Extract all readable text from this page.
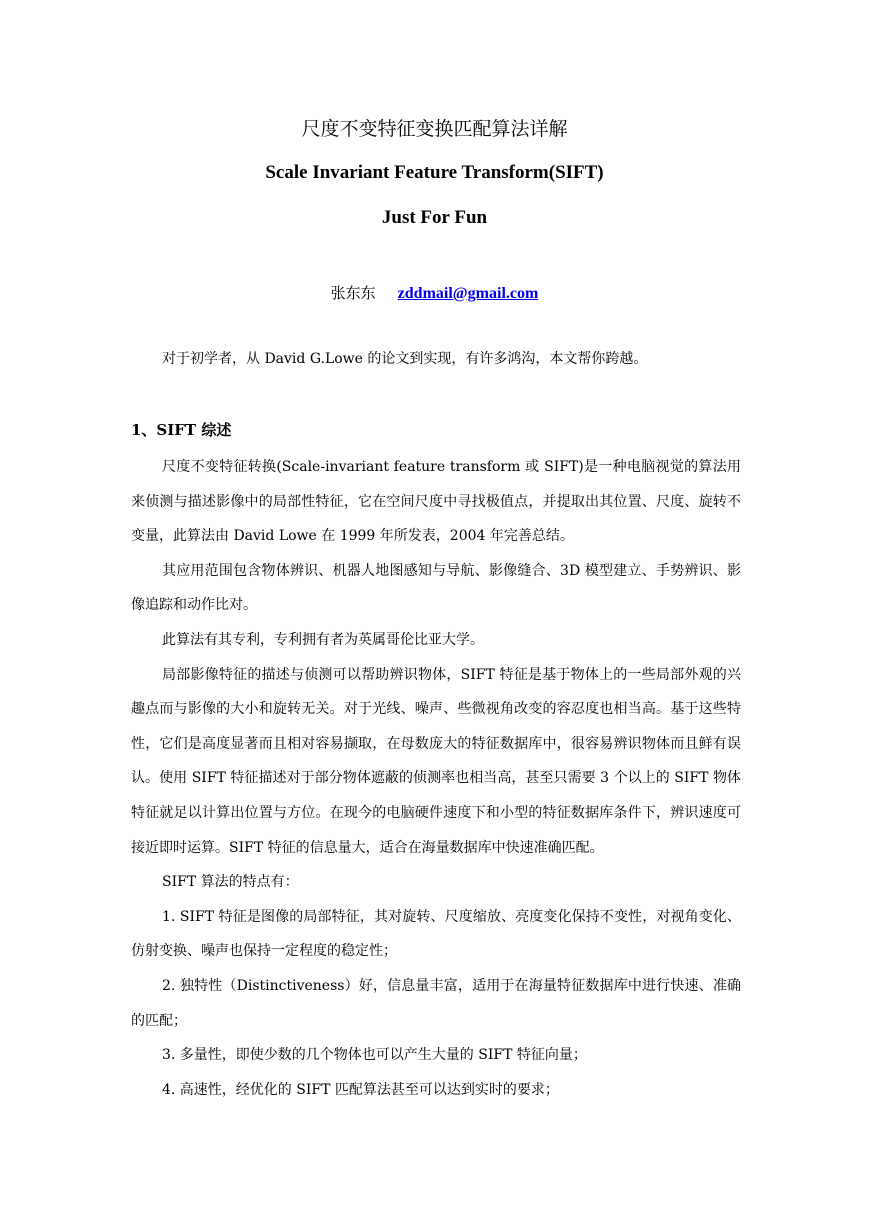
尺度不变特征变换匹配算法详解
Scale Invariant Feature Transform(SIFT)
Just For Fun
张东东 zddmail@gmail.com
对于初学者，从 David G.Lowe 的论文到实现，有许多鸿沟，本文帮你跨越。
1、SIFT 综述

尺度不变特征转换(Scale-invariant feature transform 或 SIFT)是一种电脑视觉的算法用来侦测与描述影像中的局部性特征，它在空间尺度中寻找极值点，并提取出其位置、尺度、旋转不变量，此算法由 David Lowe 在 1999 年所发表，2004 年完善总结。

其应用范围包含物体辨识、机器人地图感知与导航、影像缝合、3D 模型建立、手势辨识、影像追踪和动作比对。

此算法有其专利，专利拥有者为英属哥伦比亚大学。

局部影像特征的描述与侦测可以帮助辨识物体，SIFT 特征是基于物体上的一些局部外观的兴趣点而与影像的大小和旋转无关。对于光线、噪声、些微视角改变的容忍度也相当高。基于这些特性，它们是高度显著而且相对容易撷取，在母数庞大的特征数据库中，很容易辨识物体而且鲜有误认。使用 SIFT 特征描述对于部分物体遮蔽的侦测率也相当高，甚至只需要 3 个以上的 SIFT 物体特征就足以计算出位置与方位。在现今的电脑硬件速度下和小型的特征数据库条件下，辨识速度可接近即时运算。SIFT 特征的信息量大，适合在海量数据库中快速准确匹配。

SIFT 算法的特点有：

1. SIFT 特征是图像的局部特征，其对旋转、尺度缩放、亮度变化保持不变性，对视角变化、仿射变换、噪声也保持一定程度的稳定性；

2. 独特性（Distinctiveness）好，信息量丰富，适用于在海量特征数据库中进行快速、准确的匹配；

3. 多量性，即使少数的几个物体也可以产生大量的 SIFT 特征向量；

4. 高速性，经优化的 SIFT 匹配算法甚至可以达到实时的要求；
